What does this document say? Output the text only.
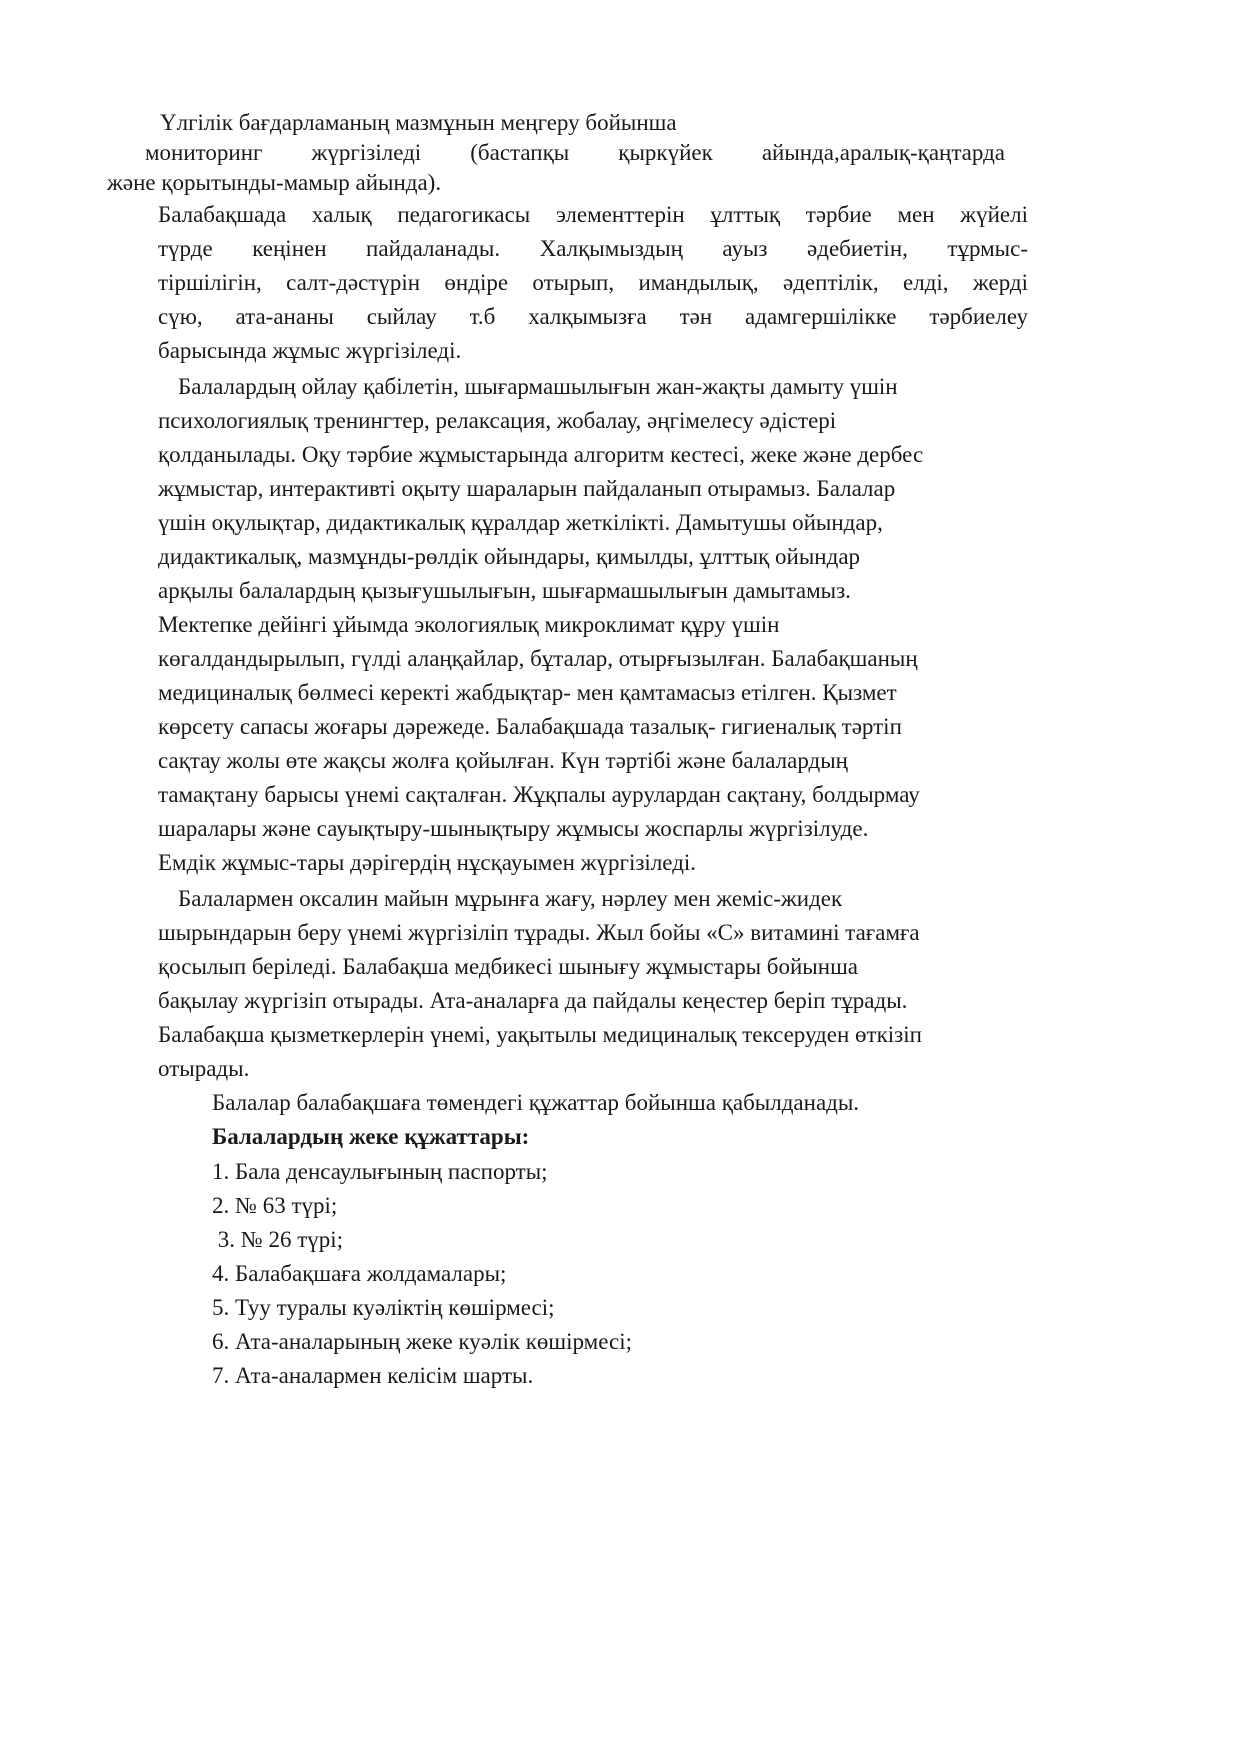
Үлгілік бағдарламаның мазмұнын меңгеру бойынша
мониторинг жүргізіледі (бастапқы қыркүйек айында,аралық-қаңтарда
және қорытынды-мамыр айында).
Балабақшада халық педагогикасы элементтерін ұлттық тәрбие мен жүйелі
түрде кеңінен пайдаланады. Халқымыздың ауыз әдебиетін, тұрмыс-
тіршілігін, салт-дәстүрін өндіре отырып, имандылық, әдептілік, елді, жерді
сүю, ата-ананы сыйлау т.б халқымызға тән адамгершілікке тәрбиелеу
барысында жұмыс жүргізіледі.
Балалардың ойлау қабілетін, шығармашылығын жан-жақты дамыту үшін
психологиялық тренингтер, релаксация, жобалау, әңгімелесу әдістері
қолданылады. Оқу тәрбие жұмыстарында алгоритм кестесі, жеке және дербес
жұмыстар, интерактивті оқыту шараларын пайдаланып отырамыз. Балалар
үшін оқулықтар, дидактикалық құралдар жеткілікті. Дамытушы ойындар,
дидактикалық, мазмұнды-рөлдік ойындары, қимылды, ұлттық ойындар
арқылы балалардың қызығушылығын, шығармашылығын дамытамыз.
Мектепке дейінгі ұйымда экологиялық микроклимат құру үшін
көгалдандырылып, гүлді алаңқайлар, бұталар, отырғызылған. Балабақшаның
медициналық бөлмесі керекті жабдықтар- мен қамтамасыз етілген. Қызмет
көрсету сапасы жоғары дәрежеде. Балабақшада тазалық- гигиеналық тәртіп
сақтау жолы өте жақсы жолға қойылған. Күн тәртібі және балалардың
тамақтану барысы үнемі сақталған. Жұқпалы аурулардан сақтану, болдырмау
шаралары және сауықтыру-шынықтыру жұмысы жоспарлы жүргізілуде.
Емдік жұмыс-тары дәрігердің нұсқауымен жүргізіледі.
Балалармен оксалин майын мұрынға жағу, нәрлеу мен жеміс-жидек
шырындарын беру үнемі жүргізіліп тұрады. Жыл бойы «С» витамині тағамға
қосылып беріледі. Балабақша медбикесі шынығу жұмыстары бойынша
бақылау жүргізіп отырады. Ата-аналарға да пайдалы кеңестер беріп тұрады.
Балабақша қызметкерлерін үнемі, уақытылы медициналық тексеруден өткізіп
отырады.
Балалар балабақшаға төмендегі құжаттар бойынша қабылданады.
Балалардың жеке құжаттары:
1. Бала денсаулығының паспорты;
2. № 63 түрі;
3. № 26 түрі;
4. Балабақшаға жолдамалары;
5. Туу туралы куәліктің көшірмесі;
6. Ата-аналарының жеке куәлік көшірмесі;
7. Ата-аналармен келісім шарты.
